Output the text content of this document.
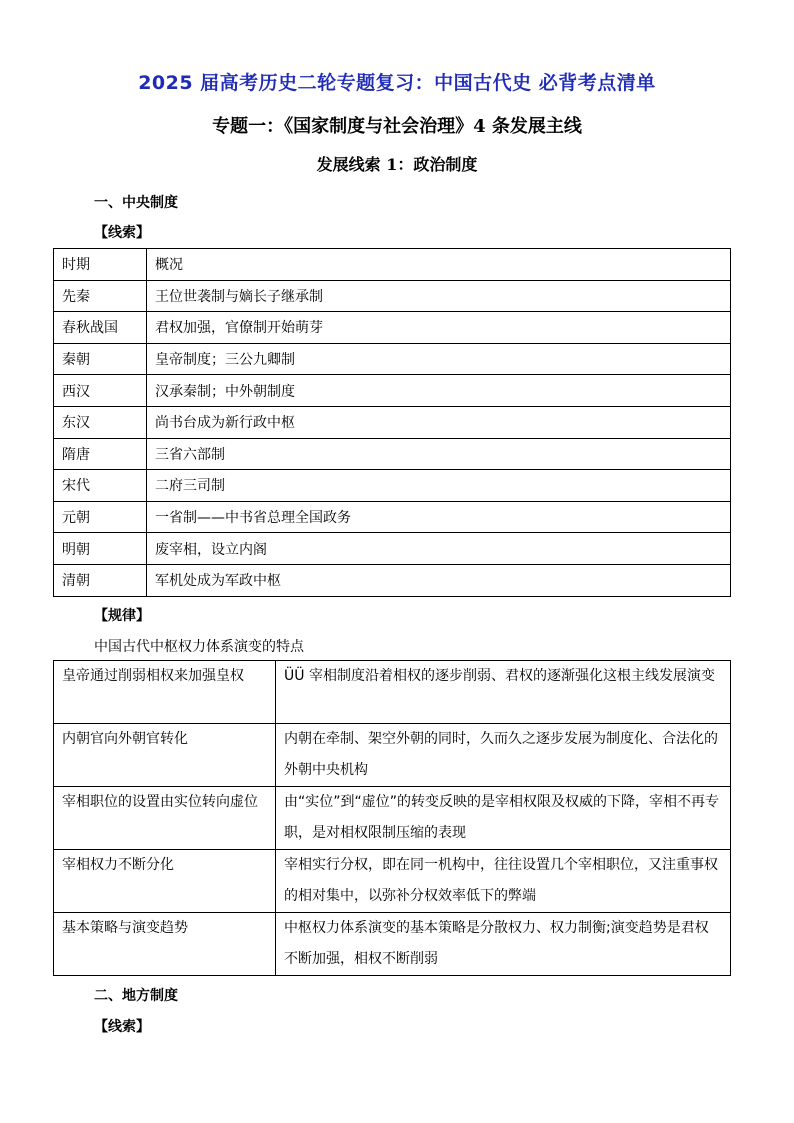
2025 届高考历史二轮专题复习：中国古代史 必背考点清单
专题一：《国家制度与社会治理》4 条发展主线
发展线索 1：政治制度
一、中央制度
【线索】
时期	概况
先秦	王位世袭制与嫡长子继承制
春秋战国	君权加强，官僚制开始萌芽
秦朝	皇帝制度；三公九卿制
西汉	汉承秦制；中外朝制度
东汉	尚书台成为新行政中枢
隋唐	三省六部制
宋代	二府三司制
元朝	一省制——中书省总理全国政务
明朝	废宰相，设立内阁
清朝	军机处成为军政中枢
【规律】
中国古代中枢权力体系演变的特点
皇帝通过削弱相权来加强皇权	ÜÜ 宰相制度沿着相权的逐步削弱、君权的逐渐强化这根主线发展演变
内朝官向外朝官转化	内朝在牵制、架空外朝的同时，久而久之逐步发展为制度化、合法化的外朝中央机构
宰相职位的设置由实位转向虚位	由“实位”到“虚位”的转变反映的是宰相权限及权威的下降，宰相不再专职，是对相权限制压缩的表现
宰相权力不断分化	宰相实行分权，即在同一机构中，往往设置几个宰相职位，又注重事权的相对集中，以弥补分权效率低下的弊端
基本策略与演变趋势	中枢权力体系演变的基本策略是分散权力、权力制衡;演变趋势是君权不断加强，相权不断削弱
二、地方制度
【线索】
